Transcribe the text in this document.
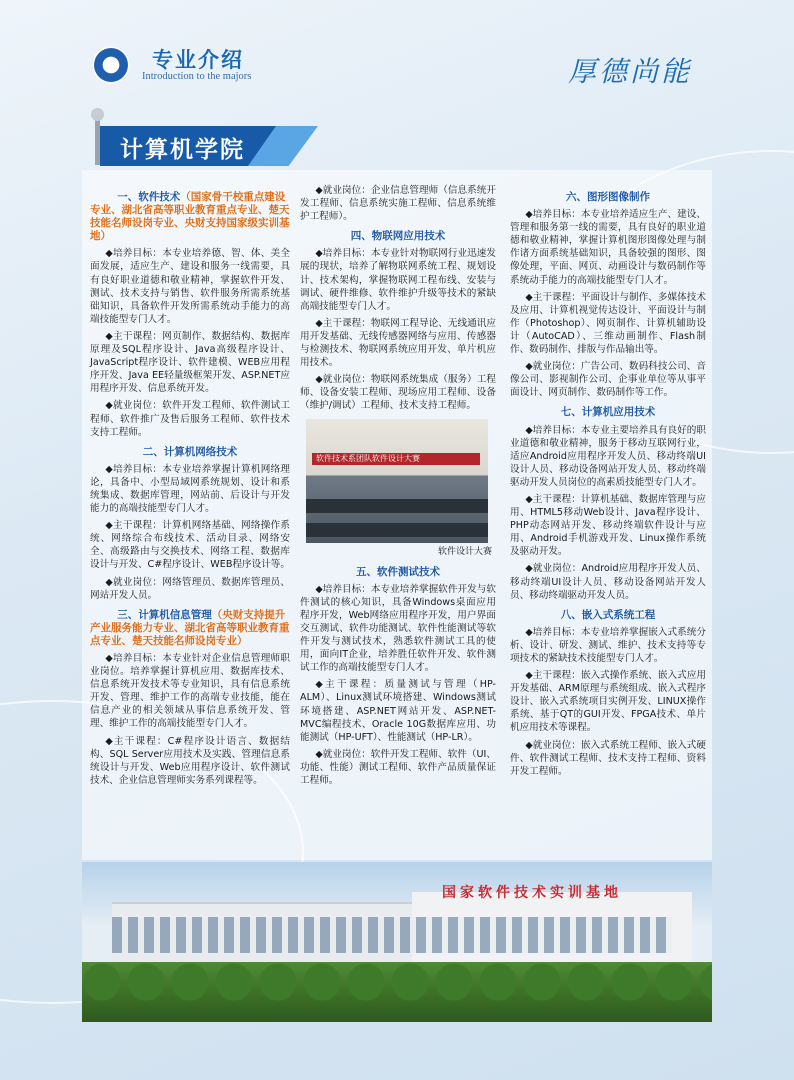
专业介绍
Introduction to the majors	厚德尚能
计算机学院
一、软件技术（国家骨干校重点建设专业、湖北省高等职业教育重点专业、楚天技能名师设岗专业、央财支持国家级实训基地）

◆培养目标：本专业培养德、智、体、美全面发展，适应生产、建设和服务一线需要，具有良好职业道德和敬业精神，掌握软件开发、测试、技术支持与销售、软件服务所需系统基础知识，具备软件开发所需系统动手能力的高端技能型专门人才。

◆主干课程：网页制作、数据结构、数据库原理及SQL程序设计、Java高级程序设计、JavaScript程序设计、软件建模、WEB应用程序开发、Java EE轻量级框架开发、ASP.NET应用程序开发、信息系统开发。

◆就业岗位：软件开发工程师、软件测试工程师、软件推广及售后服务工程师、软件技术支持工程师。

二、计算机网络技术

◆培养目标：本专业培养掌握计算机网络理论，具备中、小型局域网系统规划、设计和系统集成、数据库管理，网站前、后设计与开发能力的高端技能型专门人才。

◆主干课程：计算机网络基础、网络操作系统、网络综合布线技术、活动目录、网络安全、高级路由与交换技术、网络工程、数据库设计与开发、C#程序设计、WEB程序设计等。

◆就业岗位：网络管理员、数据库管理员、网站开发人员。

三、计算机信息管理（央财支持提升产业服务能力专业、湖北省高等职业教育重点专业、楚天技能名师设岗专业）

◆培养目标：本专业针对企业信息管理师职业岗位。培养掌握计算机应用、数据库技术、信息系统开发技术等专业知识，具有信息系统开发、管理、维护工作的高端专业技能，能在信息产业的相关领域从事信息系统开发、管理、维护工作的高端技能型专门人才。

◆主干课程：C#程序设计语言、数据结构、SQL Server应用技术及实践、管理信息系统设计与开发、Web应用程序设计、软件测试技术、企业信息管理师实务系列课程等。

◆就业岗位：企业信息管理师（信息系统开发工程师、信息系统实施工程师、信息系统维护工程师）。

四、物联网应用技术

◆培养目标：本专业针对物联网行业迅速发展的现状，培养了解物联网系统工程、规划设计、技术架构，掌握物联网工程布线、安装与调试、硬件维修、软件维护升级等技术的紧缺高端技能型专门人才。

◆主干课程：物联网工程导论、无线通讯应用开发基础、无线传感器网络与应用、传感器与检测技术、物联网系统应用开发、单片机应用技术。

◆就业岗位：物联网系统集成（服务）工程师、设备安装工程师、现场应用工程师、设备（维护/调试）工程师、技术支持工程师。

软件技术系团队软件设计大赛
软件设计大赛
五、软件测试技术

◆培养目标：本专业培养掌握软件开发与软件测试的核心知识，具备Windows桌面应用程序开发，Web网络应用程序开发，用户界面交互测试、软件功能测试、软件性能测试等软件开发与测试技术，熟悉软件测试工具的使用，面向IT企业，培养胜任软件开发、软件测试工作的高端技能型专门人才。

◆主干课程：质量测试与管理（HP-ALM）、Linux测试环境搭建、Windows测试环境搭建、ASP.NET网站开发、ASP.NET-MVC编程技术、Oracle 10G数据库应用、功能测试（HP-UFT）、性能测试（HP-LR）。

◆就业岗位：软件开发工程师、软件（UI、功能、性能）测试工程师、软件产品质量保证工程师。

六、图形图像制作

◆培养目标：本专业培养适应生产、建设、管理和服务第一线的需要，具有良好的职业道德和敬业精神，掌握计算机图形图像处理与制作诸方面系统基础知识，具备较强的图形、图像处理，平面、网页、动画设计与数码制作等系统动手能力的高端技能型专门人才。

◆主干课程：平面设计与制作、多媒体技术及应用、计算机视觉传达设计、平面设计与制作（Photoshop）、网页制作、计算机辅助设计（AutoCAD）、三维动画制作、Flash制作、数码制作、排版与作品输出等。

◆就业岗位：广告公司、数码科技公司、音像公司、影视制作公司、企事业单位等从事平面设计、网页制作、数码制作等工作。

七、计算机应用技术

◆培养目标：本专业主要培养具有良好的职业道德和敬业精神，服务于移动互联网行业，适应Android应用程序开发人员、移动终端UI设计人员、移动设备网站开发人员、移动终端驱动开发人员岗位的高素质技能型专门人才。

◆主干课程：计算机基础、数据库管理与应用、HTML5移动Web设计、Java程序设计、PHP动态网站开发、移动终端软件设计与应用、Android手机游戏开发、Linux操作系统及驱动开发。

◆就业岗位：Android应用程序开发人员、移动终端UI设计人员、移动设备网站开发人员、移动终端驱动开发人员。

八、嵌入式系统工程

◆培养目标：本专业培养掌握嵌入式系统分析、设计、研发、测试、维护、技术支持等专项技术的紧缺技术技能型专门人才。

◆主干课程：嵌入式操作系统、嵌入式应用开发基础、ARM原理与系统组成、嵌入式程序设计、嵌入式系统项目实例开发、LINUX操作系统、基于QT的GUI开发、FPGA技术、单片机应用技术等课程。

◆就业岗位：嵌入式系统工程师、嵌入式硬件、软件测试工程师、技术支持工程师、资料开发工程师。

国家软件技术实训基地
